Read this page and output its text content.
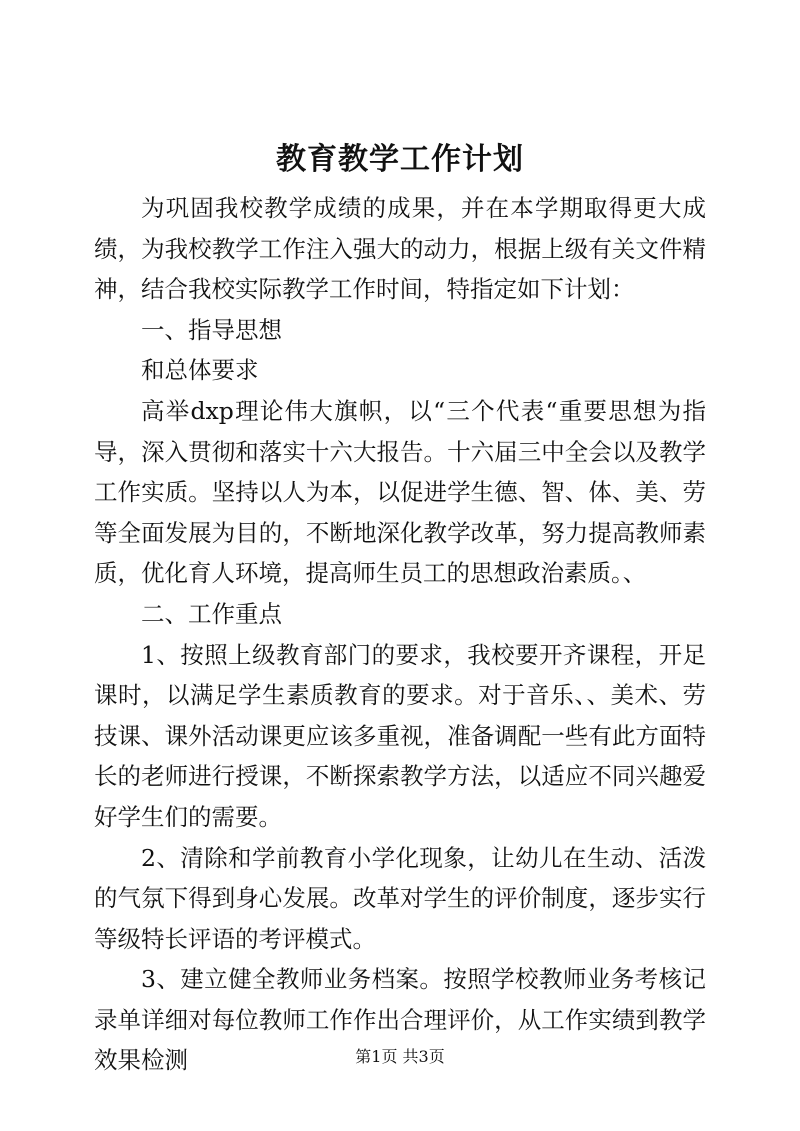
教育教学工作计划

为巩固我校教学成绩的成果，并在本学期取得更大成绩，为我校教学工作注入强大的动力，根据上级有关文件精神，结合我校实际教学工作时间，特指定如下计划：

一、指导思想

和总体要求

高举dxp理论伟大旗帜，以“三个代表“重要思想为指导，深入贯彻和落实十六大报告。十六届三中全会以及教学工作实质。坚持以人为本，以促进学生德、智、体、美、劳等全面发展为目的，不断地深化教学改革，努力提高教师素质，优化育人环境，提高师生员工的思想政治素质。、

二、工作重点

1、按照上级教育部门的要求，我校要开齐课程，开足课时，以满足学生素质教育的要求。对于音乐、、美术、劳技课、课外活动课更应该多重视，准备调配一些有此方面特长的老师进行授课，不断探索教学方法，以适应不同兴趣爱好学生们的需要。

2、清除和学前教育小学化现象，让幼儿在生动、活泼的气氛下得到身心发展。改革对学生的评价制度，逐步实行等级特长评语的考评模式。

3、建立健全教师业务档案。按照学校教师业务考核记录单详细对每位教师工作作出合理评价，从工作实绩到教学效果检测	第1页 共3页
